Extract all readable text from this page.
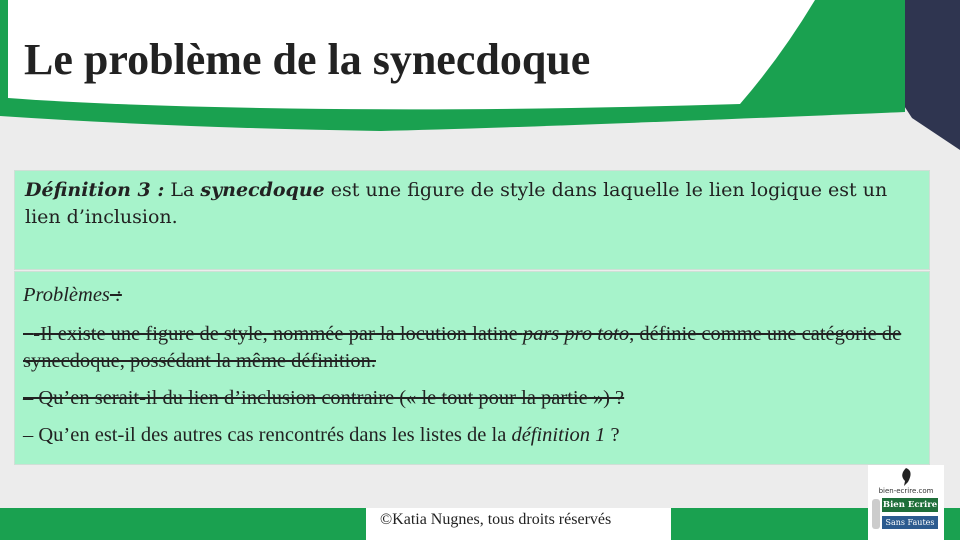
Le problème de la synecdoque

Définition 3 : La synecdoque est une figure de style dans laquelle le lien logique est un lien d’inclusion.

Problèmes :

-Il existe une figure de style, nommée par la locution latine pars pro toto, définie comme une catégorie de synecdoque, possédant la même définition.

– Qu’en serait-il du lien d’inclusion contraire (« le tout pour la partie ») ?

– Qu’en est-il des autres cas rencontrés dans les listes de la définition 1 ?

©Katia Nugnes, tous droits réservés
bien-ecrire.com
Bien Ecrire
Sans Fautes
